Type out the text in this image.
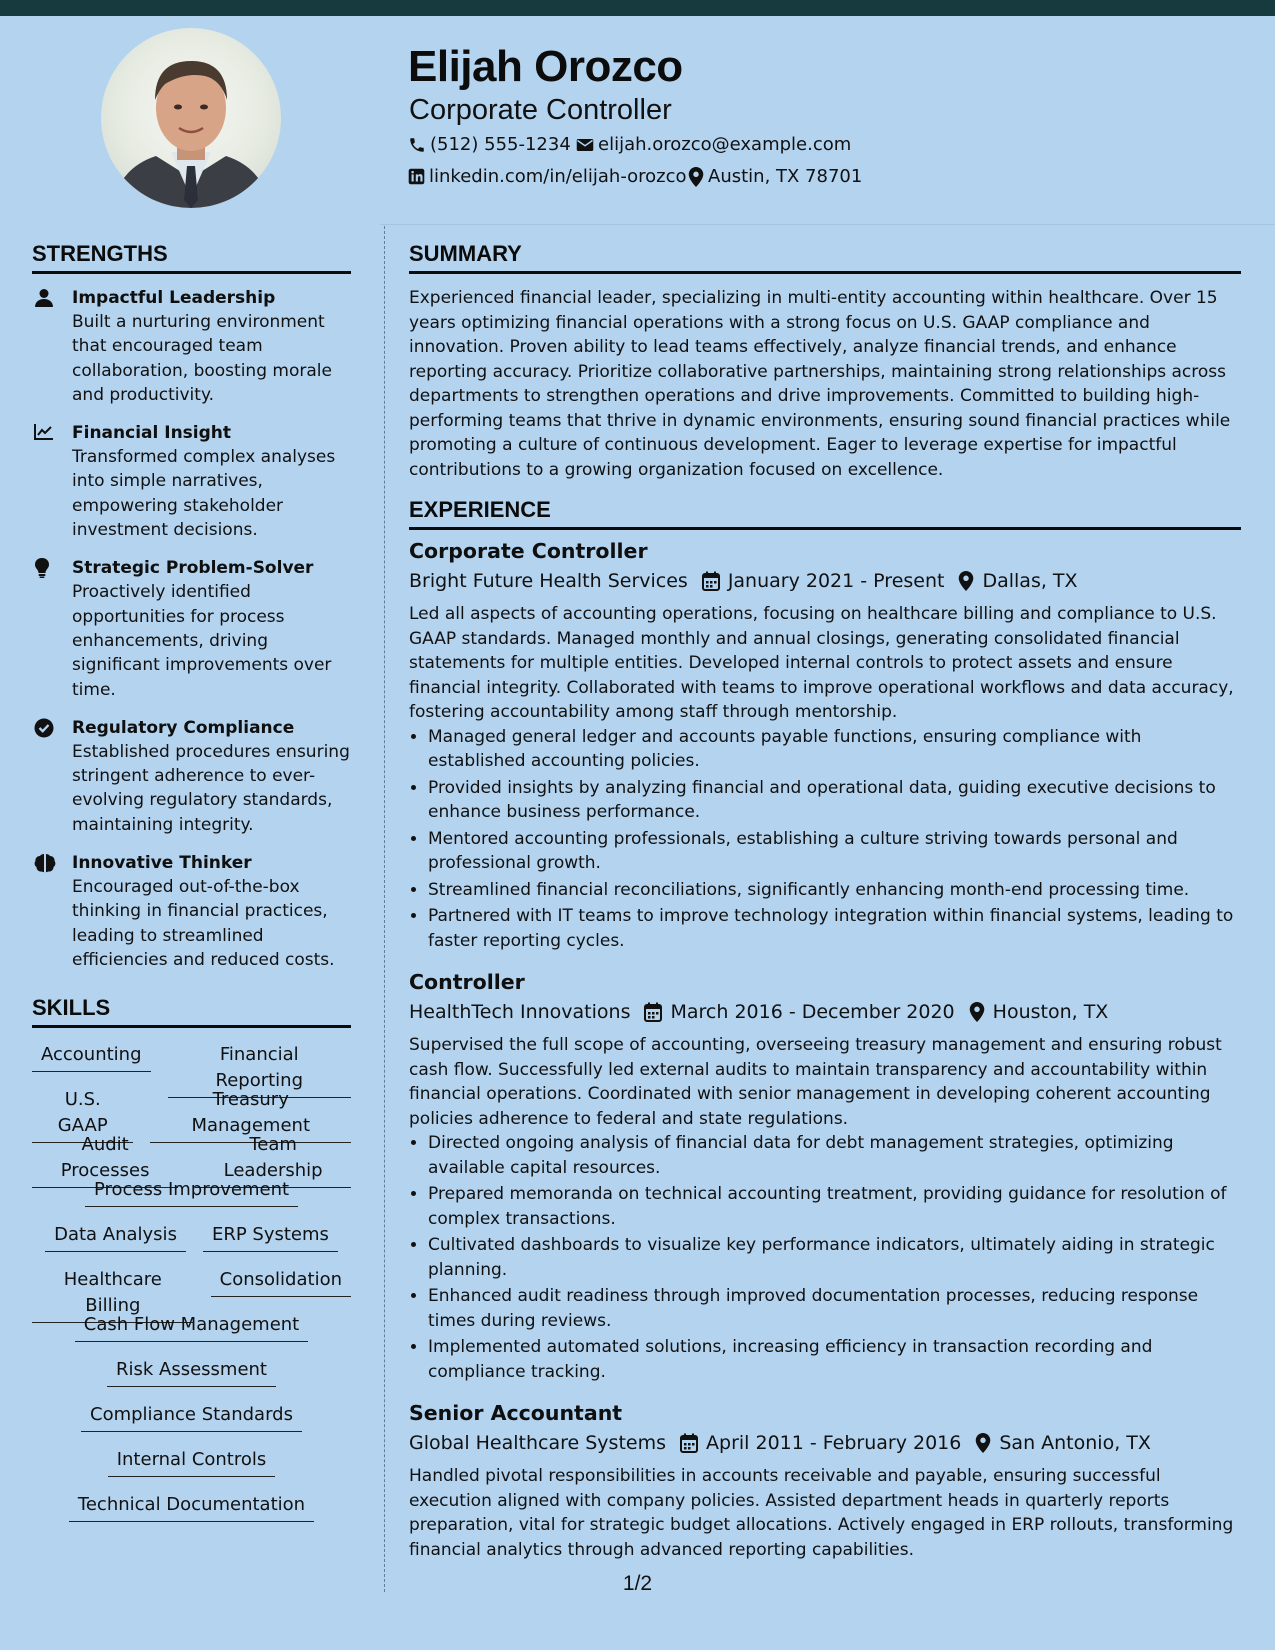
Elijah Orozco
Corporate Controller
(512) 555-1234 elijah.orozco@example.com
linkedin.com/in/elijah-orozco Austin, TX 78701
STRENGTHS
Impactful Leadership
Built a nurturing environment that encouraged team collaboration, boosting morale and productivity.
Financial Insight
Transformed complex analyses into simple narratives, empowering stakeholder investment decisions.
Strategic Problem-Solver
Proactively identified opportunities for process enhancements, driving significant improvements over time.
Regulatory Compliance
Established procedures ensuring stringent adherence to ever-evolving regulatory standards, maintaining integrity.
Innovative Thinker
Encouraged out-of-the-box thinking in financial practices, leading to streamlined efficiencies and reduced costs.
SKILLS
Accounting	Financial Reporting
U.S. GAAP
Treasury Management
Audit Processes
Team Leadership
Process Improvement
Data Analysis	ERP Systems
Healthcare Billing
Consolidation
Cash Flow Management
Risk Assessment
Compliance Standards
Internal Controls
Technical Documentation
SUMMARY
Experienced financial leader, specializing in multi-entity accounting within healthcare. Over 15 years optimizing financial operations with a strong focus on U.S. GAAP compliance and innovation. Proven ability to lead teams effectively, analyze financial trends, and enhance reporting accuracy. Prioritize collaborative partnerships, maintaining strong relationships across departments to strengthen operations and drive improvements. Committed to building high-performing teams that thrive in dynamic environments, ensuring sound financial practices while promoting a culture of continuous development. Eager to leverage expertise for impactful contributions to a growing organization focused on excellence.
EXPERIENCE
Corporate Controller
Bright Future Health Services January 2021 - Present Dallas, TX
Led all aspects of accounting operations, focusing on healthcare billing and compliance to U.S. GAAP standards. Managed monthly and annual closings, generating consolidated financial statements for multiple entities. Developed internal controls to protect assets and ensure financial integrity. Collaborated with teams to improve operational workflows and data accuracy, fostering accountability among staff through mentorship.
• Managed general ledger and accounts payable functions, ensuring compliance with established accounting policies.
• Provided insights by analyzing financial and operational data, guiding executive decisions to enhance business performance.
• Mentored accounting professionals, establishing a culture striving towards personal and professional growth.
• Streamlined financial reconciliations, significantly enhancing month-end processing time.
• Partnered with IT teams to improve technology integration within financial systems, leading to faster reporting cycles.
Controller
HealthTech Innovations March 2016 - December 2020 Houston, TX
Supervised the full scope of accounting, overseeing treasury management and ensuring robust cash flow. Successfully led external audits to maintain transparency and accountability within financial operations. Coordinated with senior management in developing coherent accounting policies adherence to federal and state regulations.
• Directed ongoing analysis of financial data for debt management strategies, optimizing available capital resources.
• Prepared memoranda on technical accounting treatment, providing guidance for resolution of complex transactions.
• Cultivated dashboards to visualize key performance indicators, ultimately aiding in strategic planning.
• Enhanced audit readiness through improved documentation processes, reducing response times during reviews.
• Implemented automated solutions, increasing efficiency in transaction recording and compliance tracking.
Senior Accountant
Global Healthcare Systems April 2011 - February 2016 San Antonio, TX
Handled pivotal responsibilities in accounts receivable and payable, ensuring successful execution aligned with company policies. Assisted department heads in quarterly reports preparation, vital for strategic budget allocations. Actively engaged in ERP rollouts, transforming financial analytics through advanced reporting capabilities.
1/2
